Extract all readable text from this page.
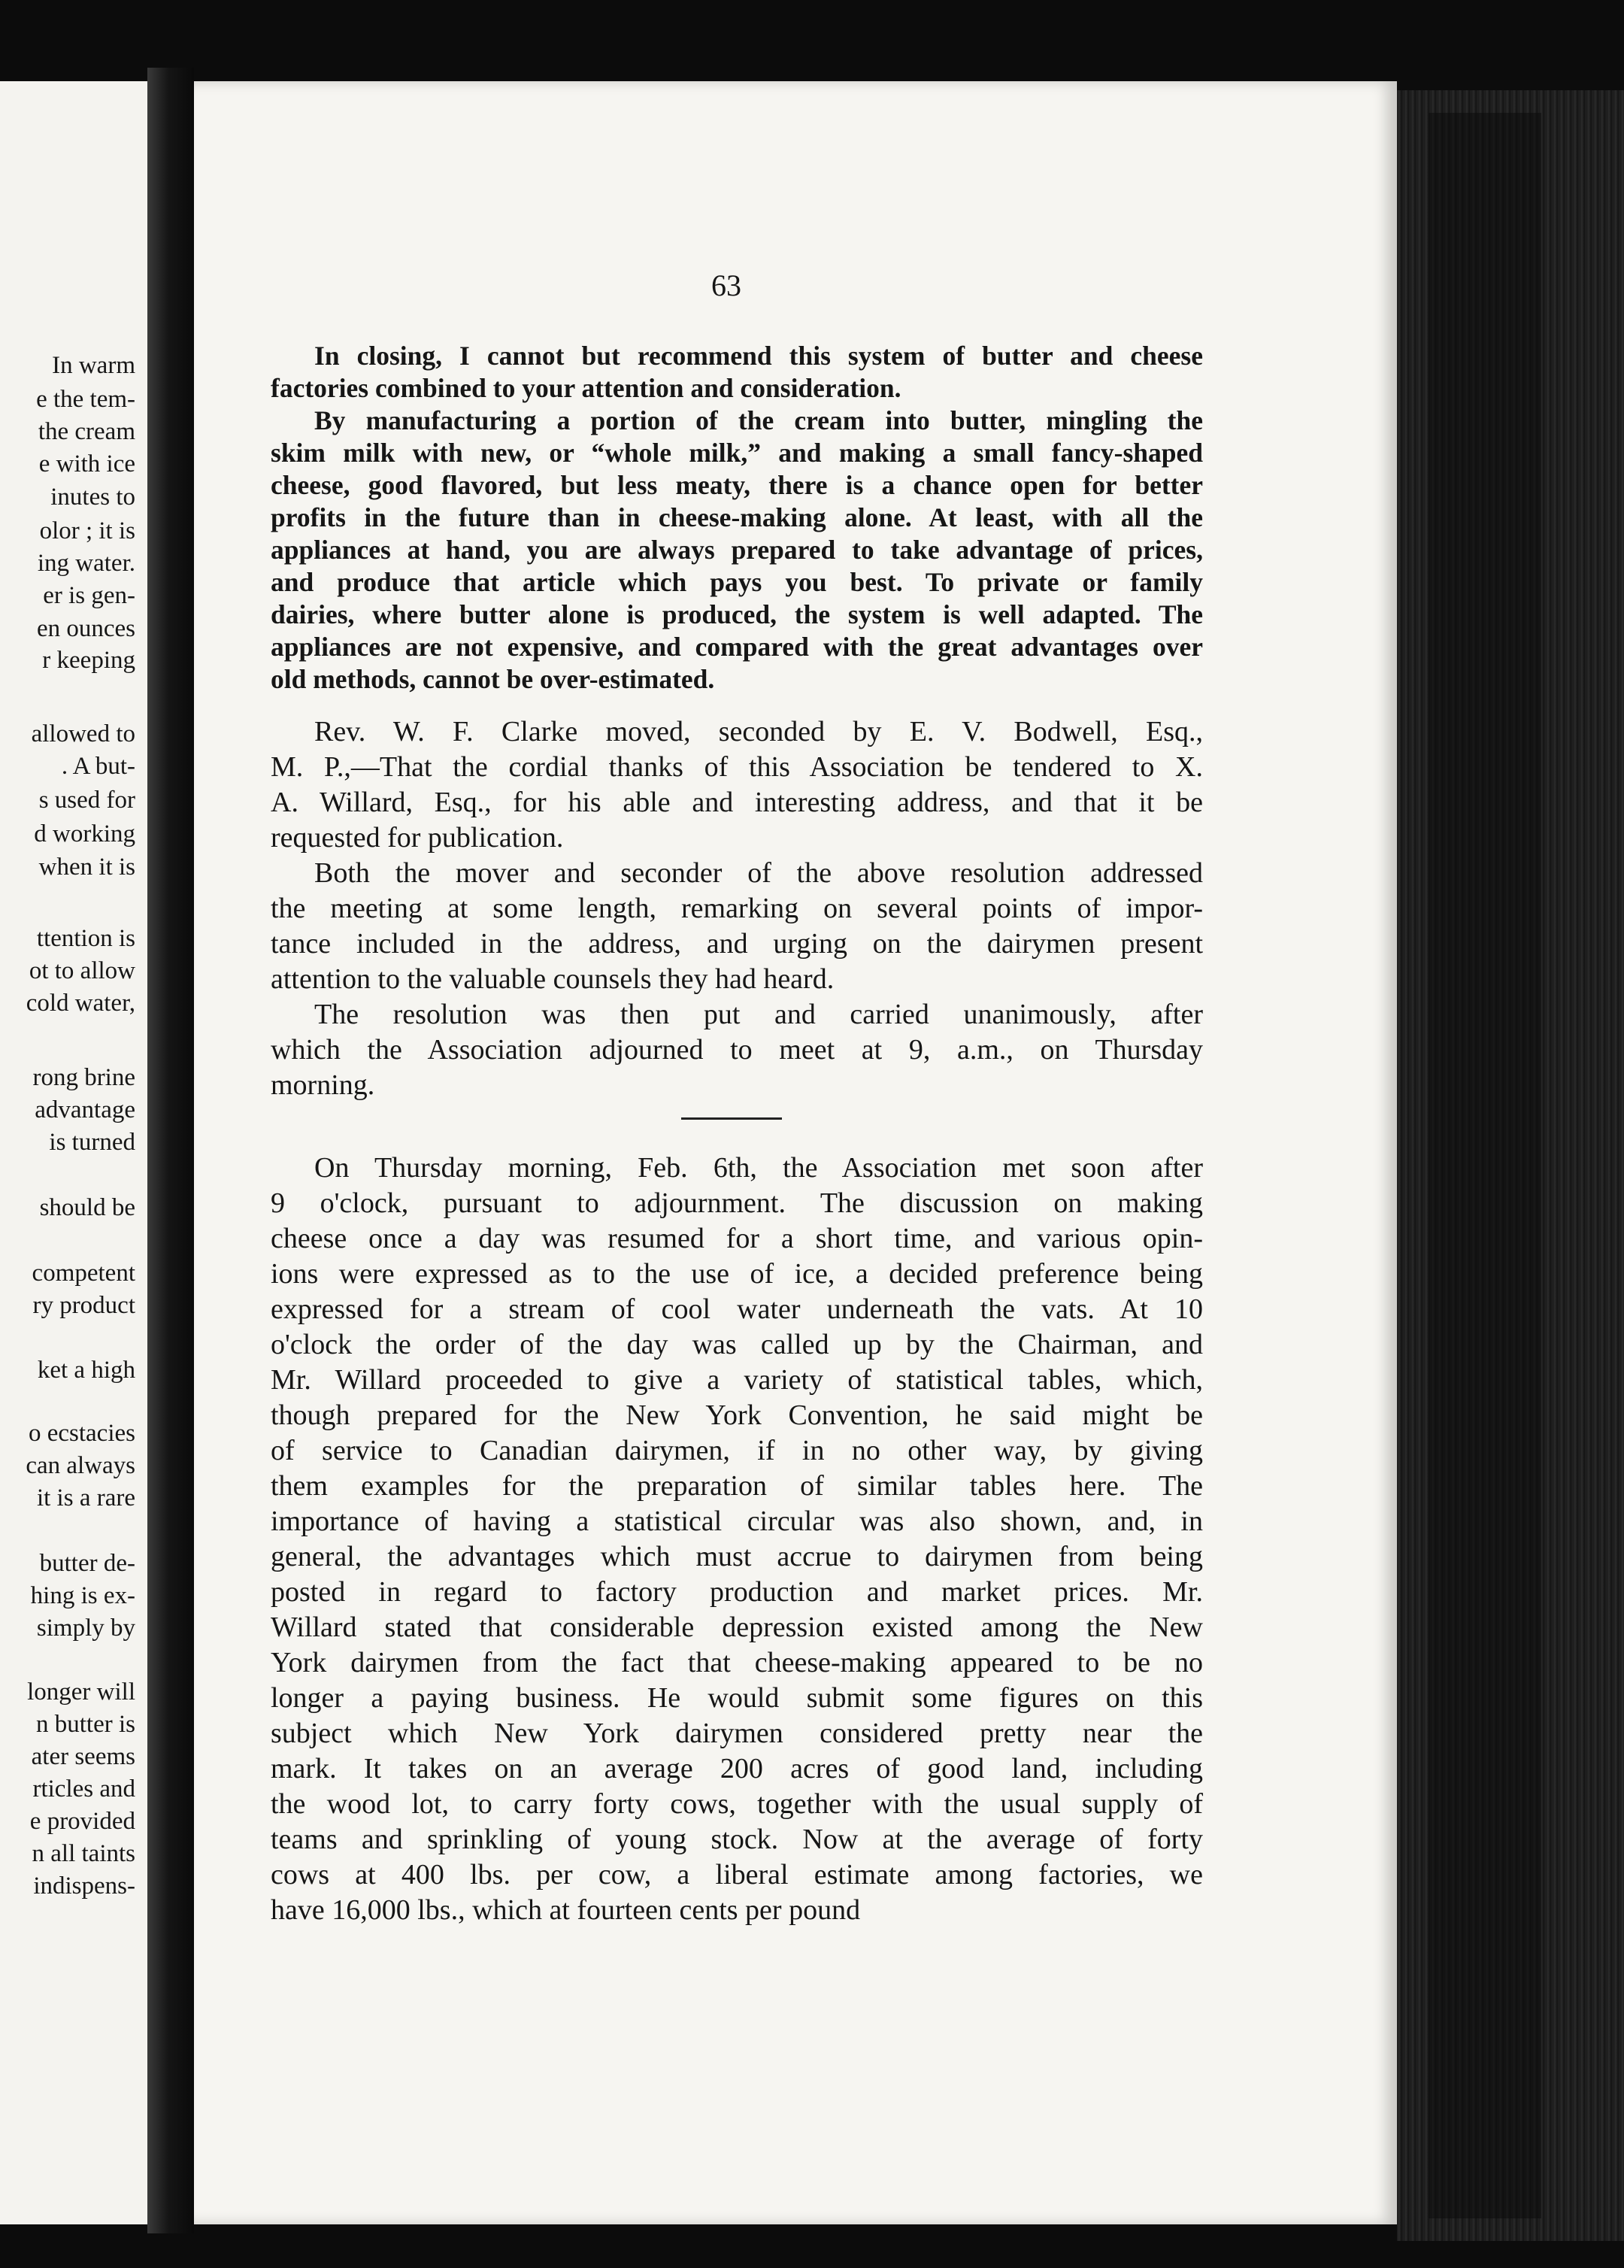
In warm
e the tem-
the cream
e with ice
inutes to
olor ; it is
ing water.
er is gen-
en ounces
r keeping
allowed to
. A but-
s used for
d working
when it is
ttention is
ot to allow
cold water,
rong brine
advantage
is turned
should be
competent
ry product
ket a high
o ecstacies
can always
it is a rare
butter de-
hing is ex-
simply by
longer will
n butter is
ater seems
rticles and
e provided
n all taints
indispens-
63
In closing, I cannot but recommend this system of butter and cheese
factories combined to your attention and consideration.
By manufacturing a portion of the cream into butter, mingling the
skim milk with new, or “whole milk,” and making a small fancy-shaped
cheese, good flavored, but less meaty, there is a chance open for better
profits in the future than in cheese-making alone. At least, with all the
appliances at hand, you are always prepared to take advantage of prices,
and produce that article which pays you best. To private or family
dairies, where butter alone is produced, the system is well adapted. The
appliances are not expensive, and compared with the great advantages over
old methods, cannot be over-estimated.
Rev. W. F. Clarke moved, seconded by E. V. Bodwell, Esq.,
M. P.,—That the cordial thanks of this Association be tendered to X.
A. Willard, Esq., for his able and interesting address, and that it be
requested for publication.
Both the mover and seconder of the above resolution addressed
the meeting at some length, remarking on several points of impor-
tance included in the address, and urging on the dairymen present
attention to the valuable counsels they had heard.
The resolution was then put and carried unanimously, after
which the Association adjourned to meet at 9, a.m., on Thursday
morning.
On Thursday morning, Feb. 6th, the Association met soon after
9 o'clock, pursuant to adjournment. The discussion on making
cheese once a day was resumed for a short time, and various opin-
ions were expressed as to the use of ice, a decided preference being
expressed for a stream of cool water underneath the vats. At 10
o'clock the order of the day was called up by the Chairman, and
Mr. Willard proceeded to give a variety of statistical tables, which,
though prepared for the New York Convention, he said might be
of service to Canadian dairymen, if in no other way, by giving
them examples for the preparation of similar tables here. The
importance of having a statistical circular was also shown, and, in
general, the advantages which must accrue to dairymen from being
posted in regard to factory production and market prices. Mr.
Willard stated that considerable depression existed among the New
York dairymen from the fact that cheese-making appeared to be no
longer a paying business. He would submit some figures on this
subject which New York dairymen considered pretty near the
mark. It takes on an average 200 acres of good land, including
the wood lot, to carry forty cows, together with the usual supply of
teams and sprinkling of young stock. Now at the average of forty
cows at 400 lbs. per cow, a liberal estimate among factories, we
have 16,000 lbs., which at fourteen cents per pound
